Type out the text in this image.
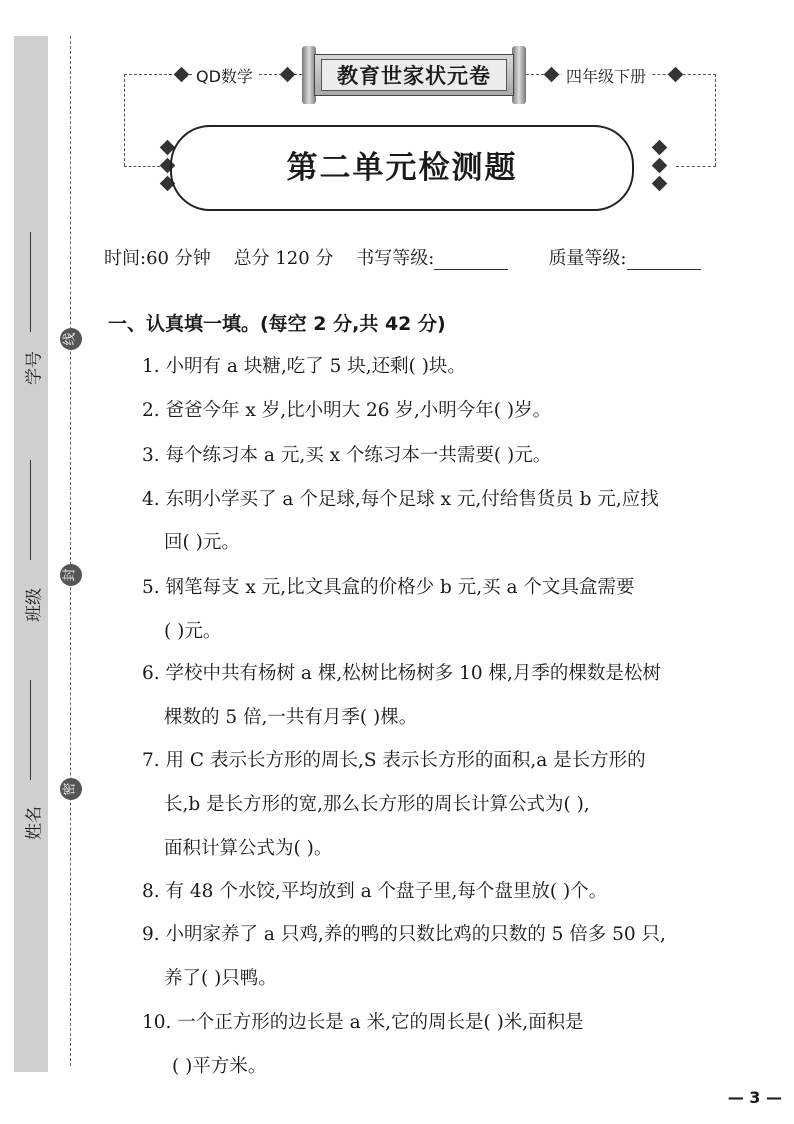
线
封
密
学号
班级
姓名
QD数学	四年级下册
教育世家状元卷
第二单元检测题
时间:60 分钟 总分 120 分 书写等级:	质量等级:
一、认真填一填。(每空 2 分,共 42 分)
1. 小明有 a 块糖,吃了 5 块,还剩( )块。
2. 爸爸今年 x 岁,比小明大 26 岁,小明今年( )岁。
3. 每个练习本 a 元,买 x 个练习本一共需要( )元。
4. 东明小学买了 a 个足球,每个足球 x 元,付给售货员 b 元,应找
回( )元。
5. 钢笔每支 x 元,比文具盒的价格少 b 元,买 a 个文具盒需要
( )元。
6. 学校中共有杨树 a 棵,松树比杨树多 10 棵,月季的棵数是松树
棵数的 5 倍,一共有月季( )棵。
7. 用 C 表示长方形的周长,S 表示长方形的面积,a 是长方形的
长,b 是长方形的宽,那么长方形的周长计算公式为( ),
面积计算公式为( )。
8. 有 48 个水饺,平均放到 a 个盘子里,每个盘里放( )个。
9. 小明家养了 a 只鸡,养的鸭的只数比鸡的只数的 5 倍多 50 只,
养了( )只鸭。
10. 一个正方形的边长是 a 米,它的周长是( )米,面积是
( )平方米。
— 3 —
